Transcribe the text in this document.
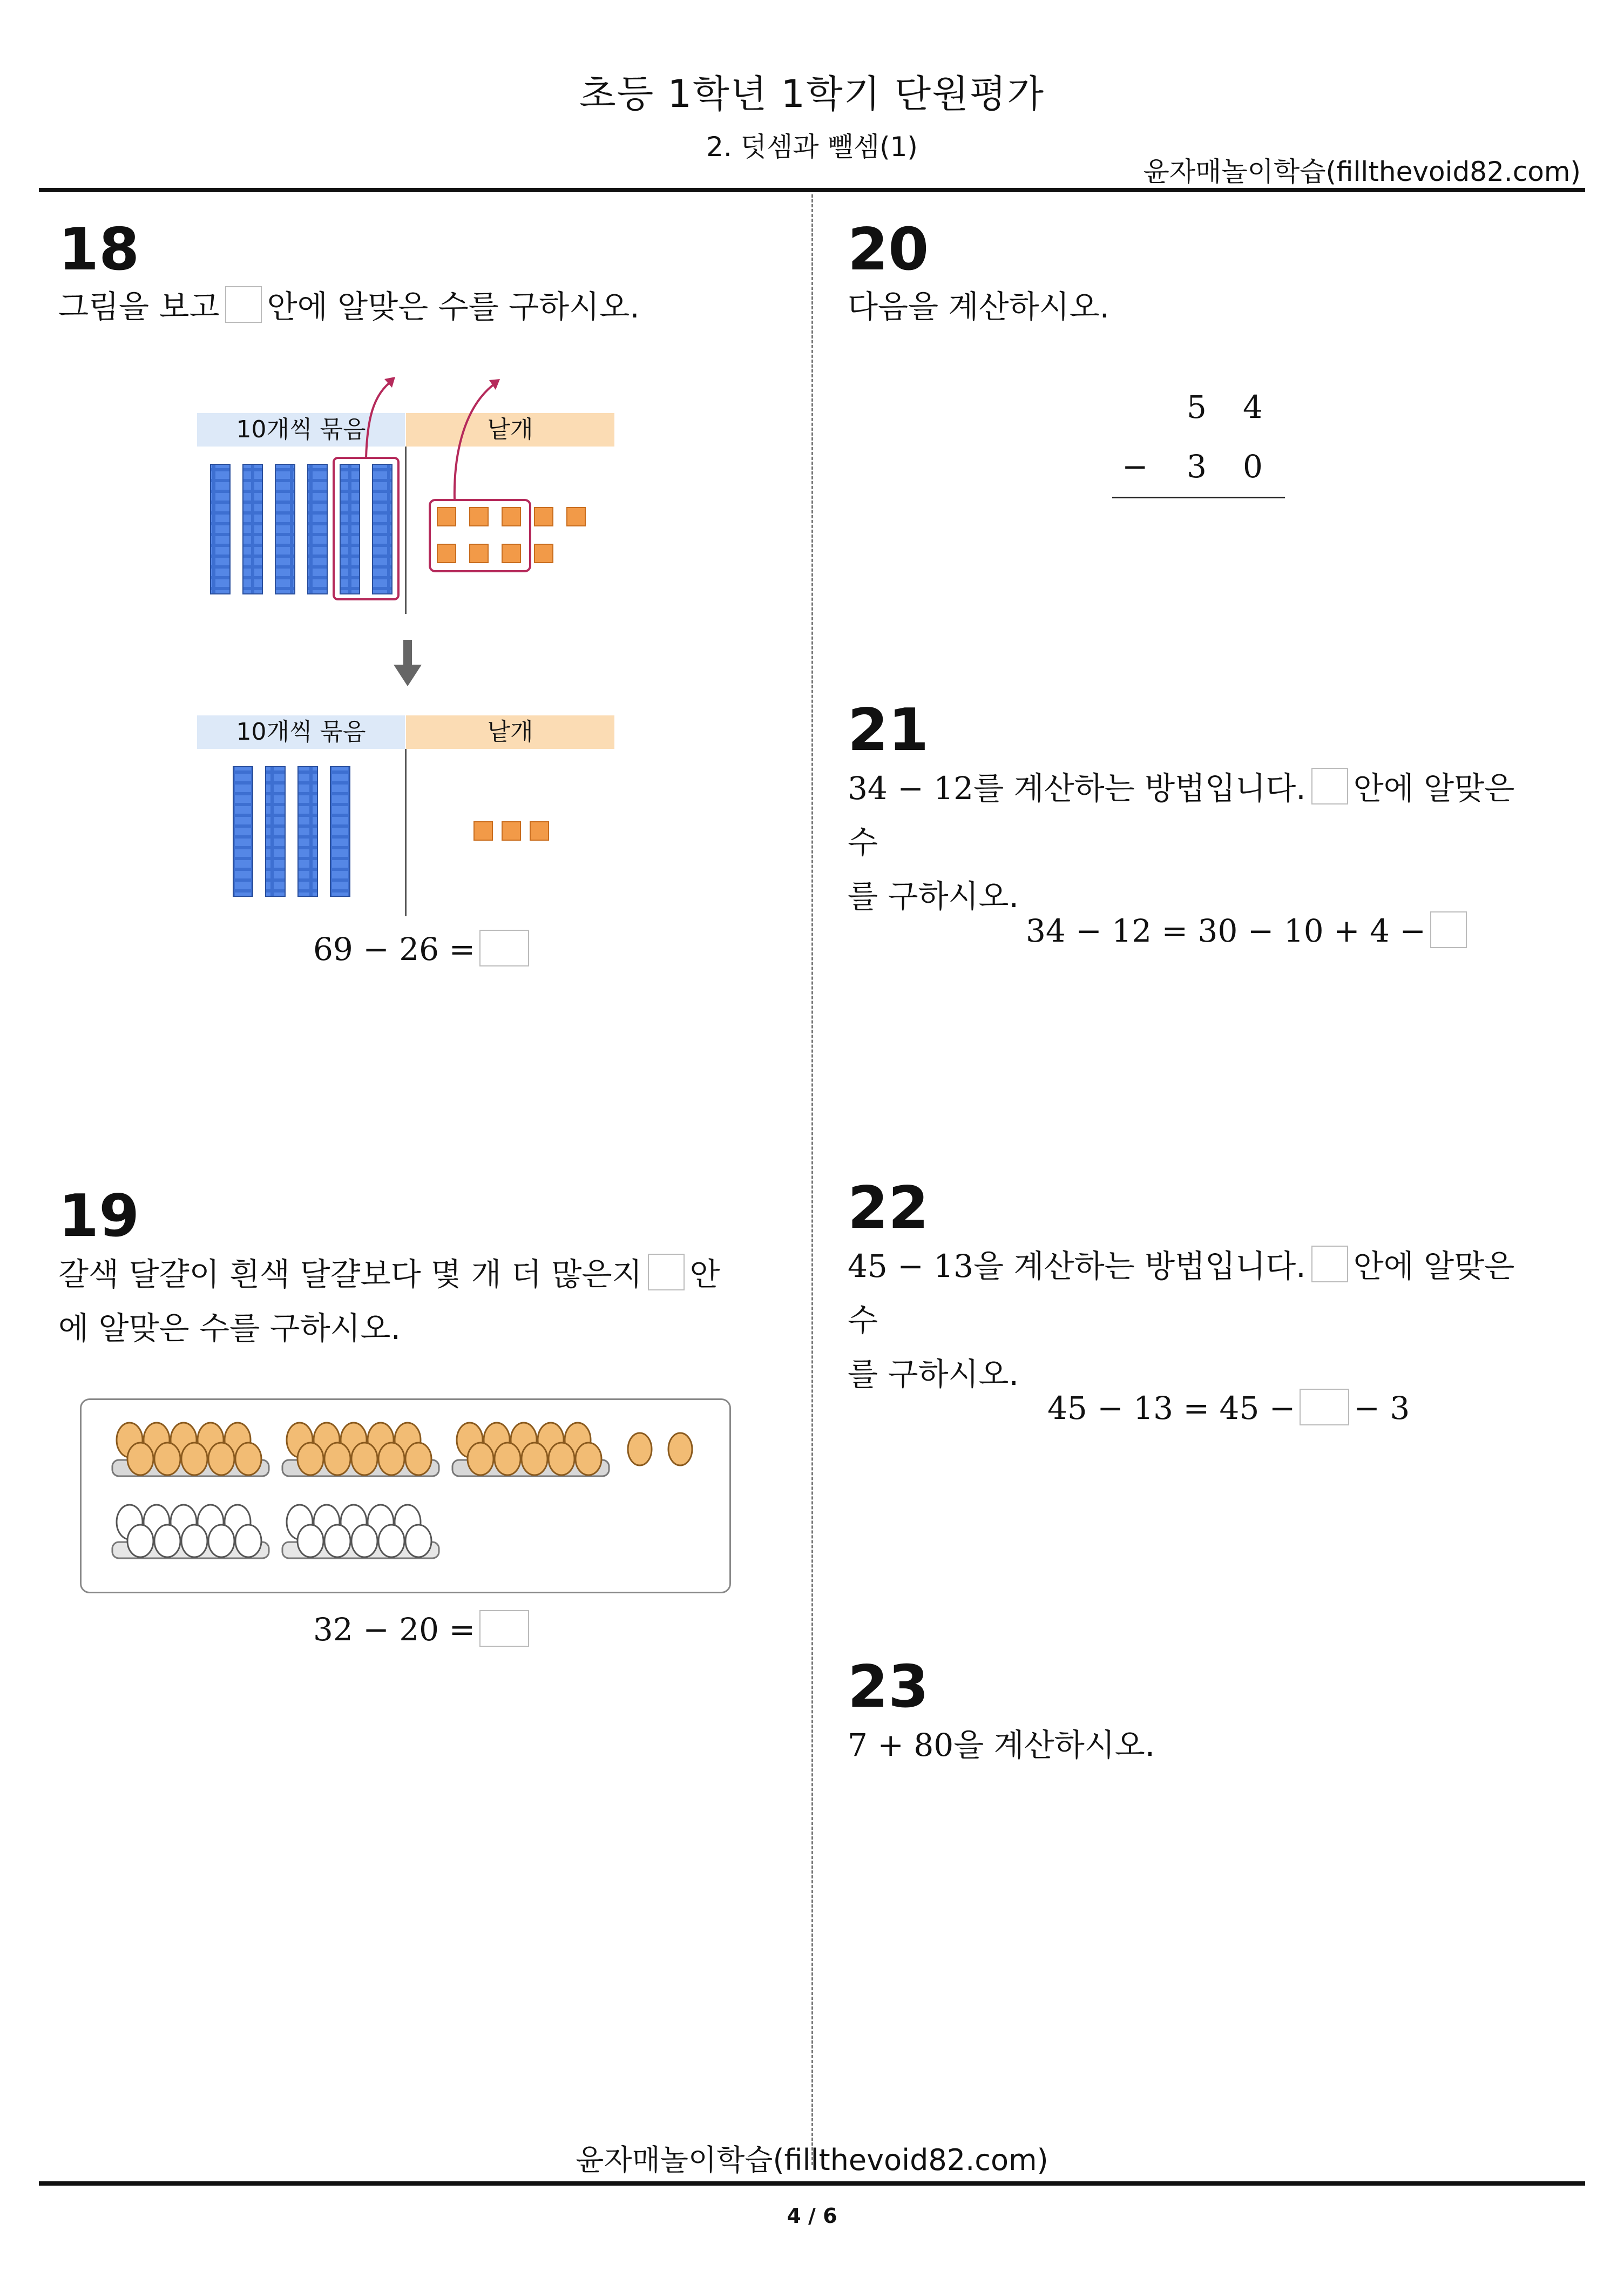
초등 1학년 1학기 단원평가
2. 덧셈과 뺄셈(1)
윤자매놀이학습(fillthevoid82.com)
18
그림을 보고 안에 알맞은 수를 구하시오.
10개씩 묶음	낱개
10개씩 묶음	낱개
69 − 26 =
19
갈색 달걀이 흰색 달걀보다 몇 개 더 많은지 안
에 알맞은 수를 구하시오.
32 − 20 =
20
다음을 계산하시오.
5 4
− 3 0
21
34 − 12를 계산하는 방법입니다. 안에 알맞은 수
를 구하시오.
34 − 12 = 30 − 10 + 4 −
22
45 − 13을 계산하는 방법입니다. 안에 알맞은 수
를 구하시오.
45 − 13 = 45 − − 3
23
7 + 80을 계산하시오.
윤자매놀이학습(fillthevoid82.com)
4 / 6
